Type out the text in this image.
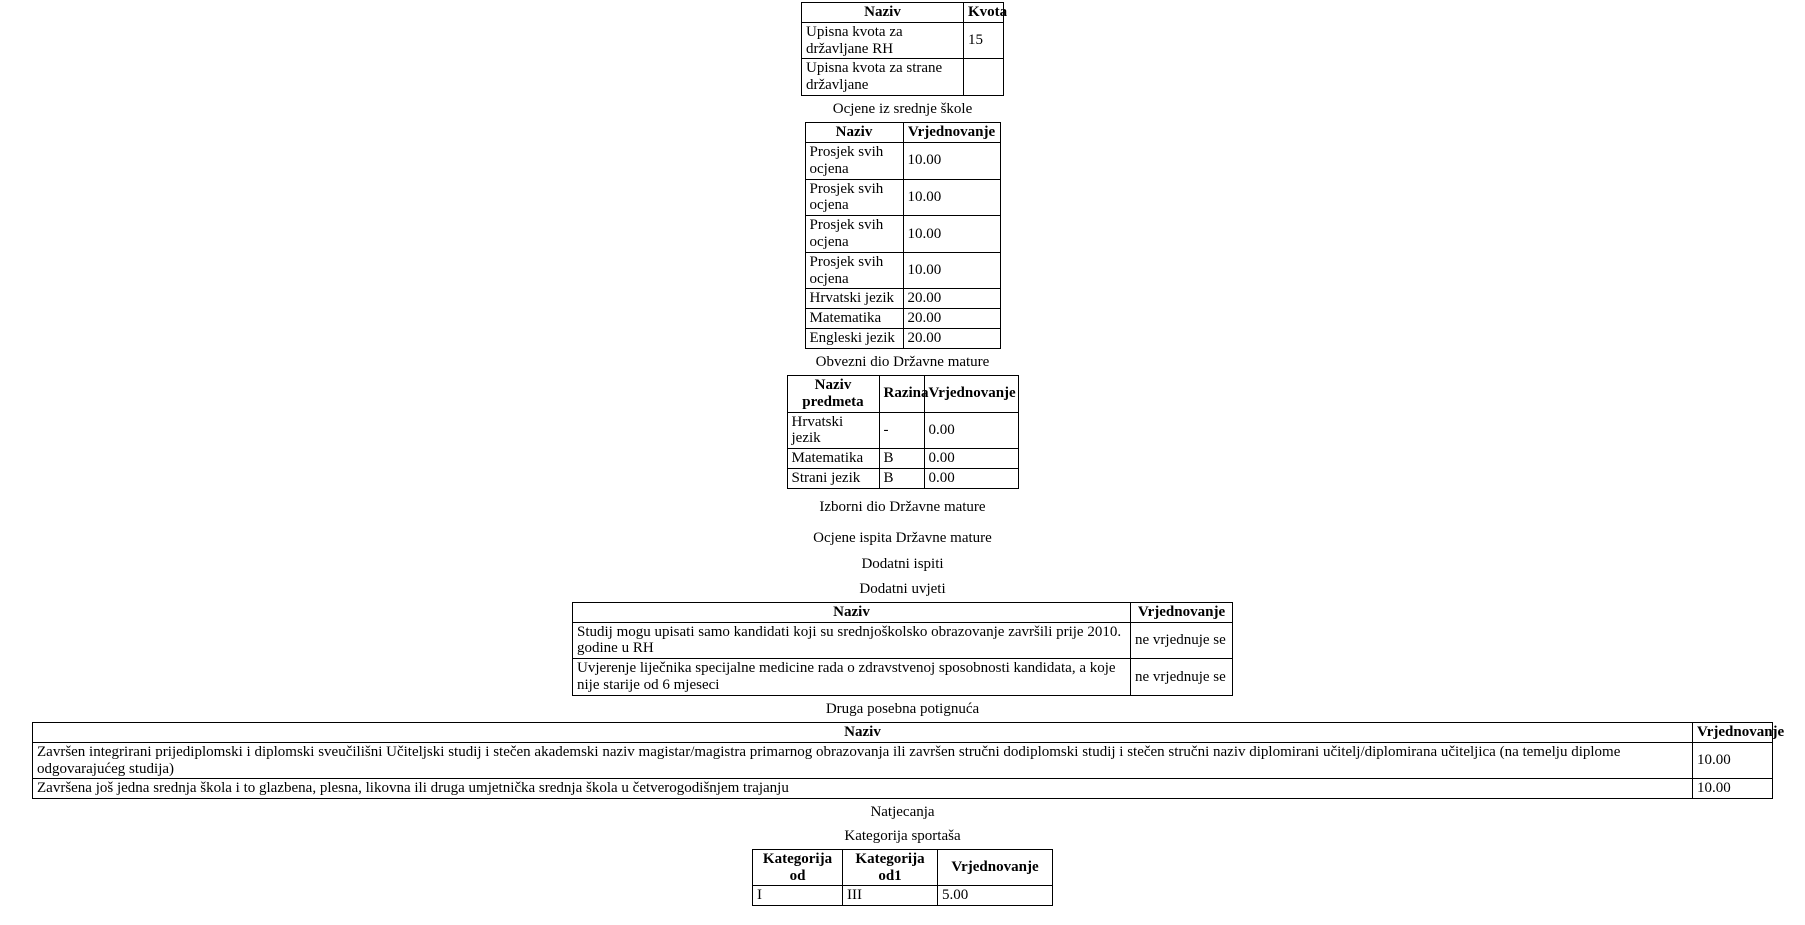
Naziv	Kvota
Upisna kvota za državljane RH	15
Upisna kvota za strane državljane	
Ocjene iz srednje škole
Naziv	Vrjednovanje
Prosjek svih ocjena	10.00
Prosjek svih ocjena	10.00
Prosjek svih ocjena	10.00
Prosjek svih ocjena	10.00
Hrvatski jezik	20.00
Matematika	20.00
Engleski jezik	20.00
Obvezni dio Državne mature
Naziv predmeta	Razina	Vrjednovanje
Hrvatski jezik	-	0.00
Matematika	B	0.00
Strani jezik	B	0.00
Izborni dio Državne mature
Ocjene ispita Državne mature
Dodatni ispiti
Dodatni uvjeti
Naziv	Vrjednovanje
Studij mogu upisati samo kandidati koji su srednjoškolsko obrazovanje završili prije 2010. godine u RH	ne vrjednuje se
Uvjerenje liječnika specijalne medicine rada o zdravstvenoj sposobnosti kandidata, a koje nije starije od 6 mjeseci	ne vrjednuje se
Druga posebna potignuća
Naziv	Vrjednovanje
Završen integrirani prijediplomski i diplomski sveučilišni Učiteljski studij i stečen akademski naziv magistar/magistra primarnog obrazovanja ili završen stručni dodiplomski studij i stečen stručni naziv diplomirani učitelj/diplomirana učiteljica (na temelju diplome odgovarajućeg studija)	10.00
Završena još jedna srednja škola i to glazbena, plesna, likovna ili druga umjetnička srednja škola u četverogodišnjem trajanju	10.00
Natjecanja
Kategorija sportaša
Kategorija od	Kategorija od1	Vrjednovanje
I	III	5.00
